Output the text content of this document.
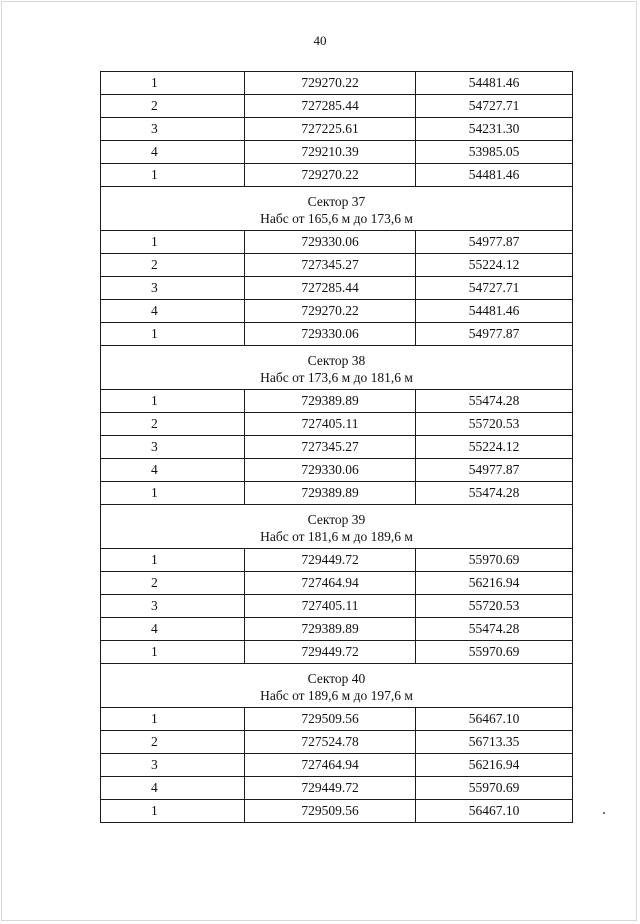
40
1	729270.22	54481.46
2	727285.44	54727.71
3	727225.61	54231.30
4	729210.39	53985.05
1	729270.22	54481.46

Сектор 37
Набс от 165,6 м до 173,6 м		

1	729330.06	54977.87
2	727345.27	55224.12
3	727285.44	54727.71
4	729270.22	54481.46
1	729330.06	54977.87

Сектор 38
Набс от 173,6 м до 181,6 м		

1	729389.89	55474.28
2	727405.11	55720.53
3	727345.27	55224.12
4	729330.06	54977.87
1	729389.89	55474.28

Сектор 39
Набс от 181,6 м до 189,6 м		

1	729449.72	55970.69
2	727464.94	56216.94
3	727405.11	55720.53
4	729389.89	55474.28
1	729449.72	55970.69

Сектор 40
Набс от 189,6 м до 197,6 м		

1	729509.56	56467.10
2	727524.78	56713.35
3	727464.94	56216.94
4	729449.72	55970.69
1	729509.56	56467.10
